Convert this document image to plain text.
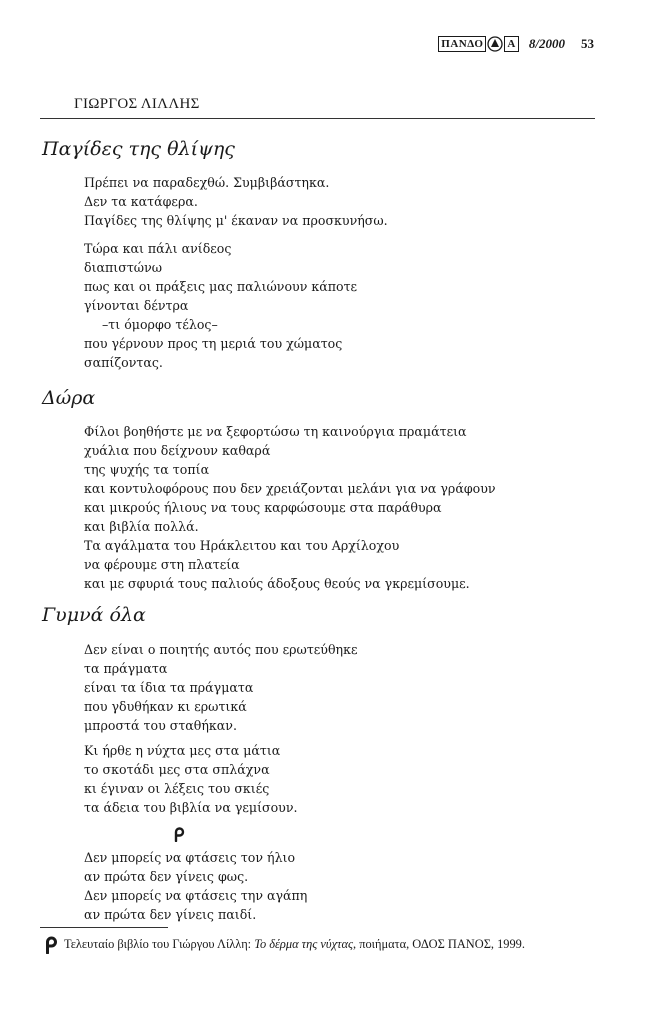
ΠΑΝΔΟ Α 8/2000 53
ΓΙΩΡΓΟΣ ΛΙΛΛΗΣ
Παγίδες της θλίψης
Πρέπει να παραδεχθώ. Συμβιβάστηκα.
Δεν τα κατάφερα.
Παγίδες της θλίψης μ' έκαναν να προσκυνήσω.
Τώρα και πάλι ανίδεος
διαπιστώνω
πως και οι πράξεις μας παλιώνουν κάποτε
γίνονται δέντρα
–τι όμορφο τέλος–
που γέρνουν προς τη μεριά του χώματος
σαπίζοντας.
Δώρα
Φίλοι βοηθήστε με να ξεφορτώσω τη καινούργια πραμάτεια
χυάλια που δείχνουν καθαρά
της ψυχής τα τοπία
και κοντυλοφόρους που δεν χρειάζονται μελάνι για να γράφουν
και μικρούς ήλιους να τους καρφώσουμε στα παράθυρα
και βιβλία πολλά.
Τα αγάλματα του Ηράκλειτου και του Αρχίλοχου
να φέρουμε στη πλατεία
και με σφυριά τους παλιούς άδοξους θεούς να γκρεμίσουμε.
Γυμνά όλα
Δεν είναι ο ποιητής αυτός που ερωτεύθηκε
τα πράγματα
είναι τα ίδια τα πράγματα
που γδυθήκαν κι ερωτικά
μπροστά του σταθήκαν.
Κι ήρθε η νύχτα μες στα μάτια
το σκοτάδι μες στα σπλάχνα
κι έγιναν οι λέξεις του σκιές
τα άδεια του βιβλία να γεμίσουν.
Δεν μπορείς να φτάσεις τον ήλιο
αν πρώτα δεν γίνεις φως.
Δεν μπορείς να φτάσεις την αγάπη
αν πρώτα δεν γίνεις παιδί.
Τελευταίο βιβλίο του Γιώργου Λίλλη: Το δέρμα της νύχτας, ποιήματα, ΟΔΟΣ ΠΑΝΟΣ, 1999.
